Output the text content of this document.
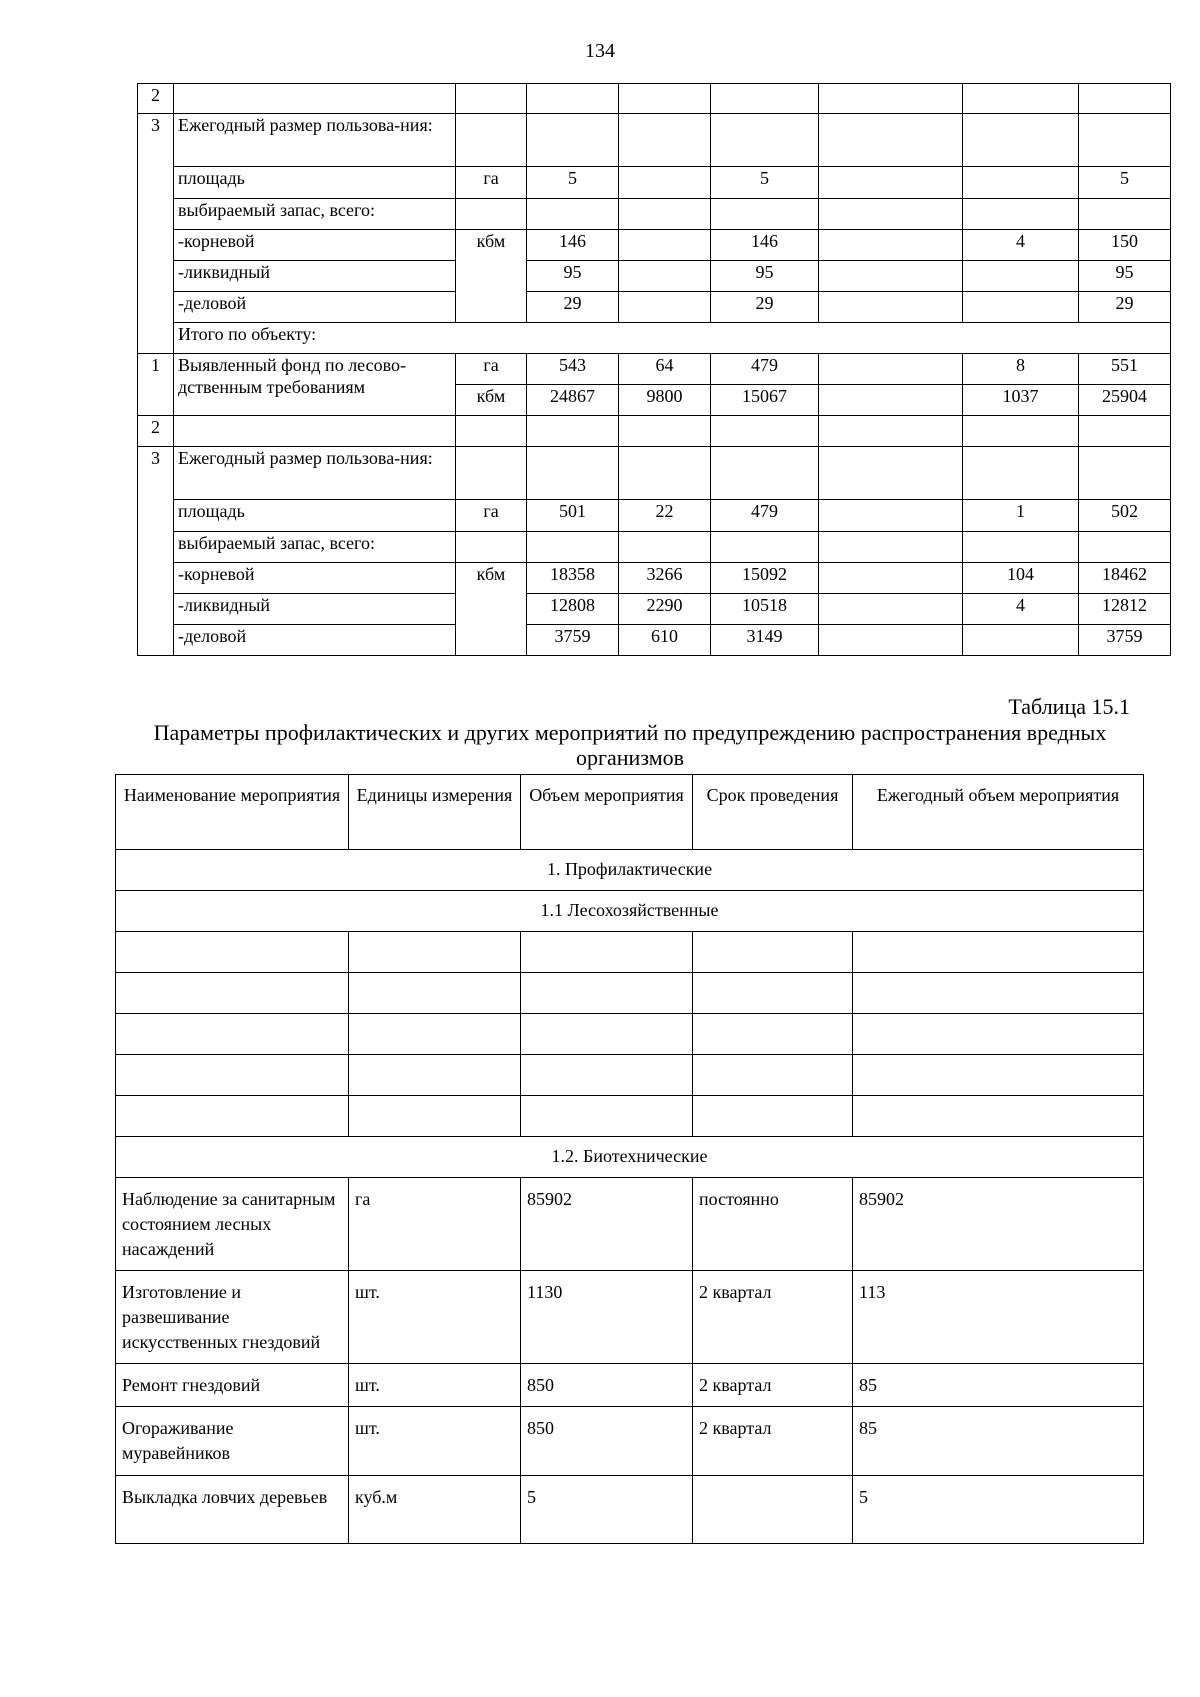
134
2								
3	Ежегодный размер пользова-ния:							
	площадь	га	5		5			5
	выбираемый запас, всего:							
	-корневой	кбм	146		146		4	150
	-ликвидный		95		95			95
	-деловой		29		29			29
	Итого по объекту:							
1	Выявленный фонд по лесово-дственным требованиям	га	543	64	479		8	551
		кбм	24867	9800	15067		1037	25904
2								
3	Ежегодный размер пользова-ния:							
	площадь	га	501	22	479		1	502
	выбираемый запас, всего:							
	-корневой	кбм	18358	3266	15092		104	18462
	-ликвидный		12808	2290	10518		4	12812
	-деловой		3759	610	3149			3759
Таблица 15.1
Параметры профилактических и других мероприятий по предупреждению распространения вредных организмов
Наименование мероприятия	Единицы измерения	Объем мероприятия	Срок проведения	Ежегодный объем мероприятия
1. Профилактические				
1.1 Лесохозяйственные				

1.2. Биотехнические				
Наблюдение за санитарным состоянием лесных насаждений	га	85902	постоянно	85902
Изготовление и развешивание искусственных гнездовий	шт.	1130	2 квартал	113
Ремонт гнездовий	шт.	850	2 квартал	85
Огораживание муравейников	шт.	850	2 квартал	85
Выкладка ловчих деревьев	куб.м	5		5
